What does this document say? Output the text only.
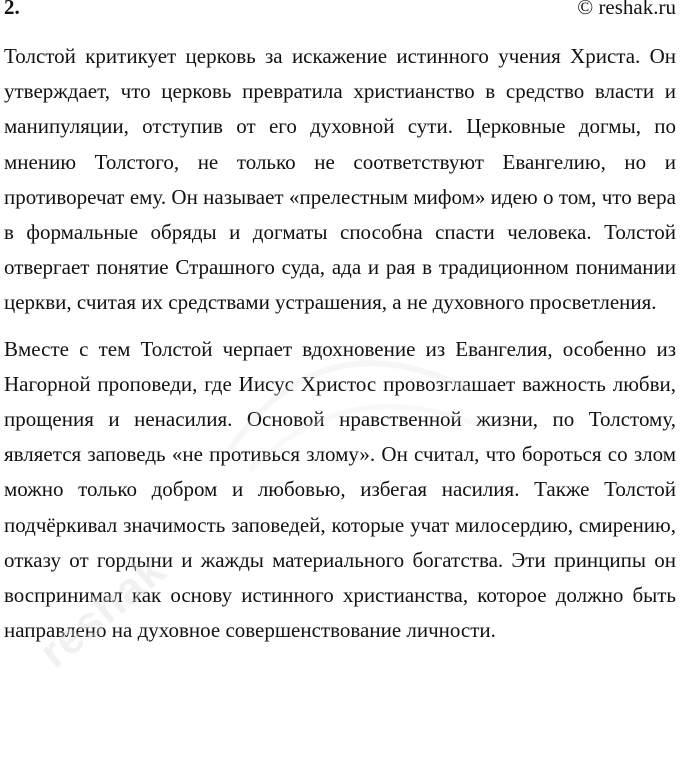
2.	© reshak.ru

Толстой критикует церковь за искажение истинного учения Христа. Он утверждает, что церковь превратила христианство в средство власти и манипуляции, отступив от его духовной сути. Церковные догмы, по мнению Толстого, не только не соответствуют Евангелию, но и противоречат ему. Он называет «прелестным мифом» идею о том, что вера в формальные обряды и догматы способна спасти человека. Толстой отвергает понятие Страшного суда, ада и рая в традиционном понимании церкви, считая их средствами устрашения, а не духовного просветления.

Вместе с тем Толстой черпает вдохновение из Евангелия, особенно из Нагорной проповеди, где Иисус Христос провозглашает важность любви, прощения и ненасилия. Основой нравственной жизни, по Толстому, является заповедь «не противься злому». Он считал, что бороться со злом можно только добром и любовью, избегая насилия. Также Толстой подчёркивал значимость заповедей, которые учат милосердию, смирению, отказу от гордыни и жажды материального богатства. Эти принципы он воспринимал как основу истинного христианства, которое должно быть направлено на духовное совершенствование личности.

reshak
